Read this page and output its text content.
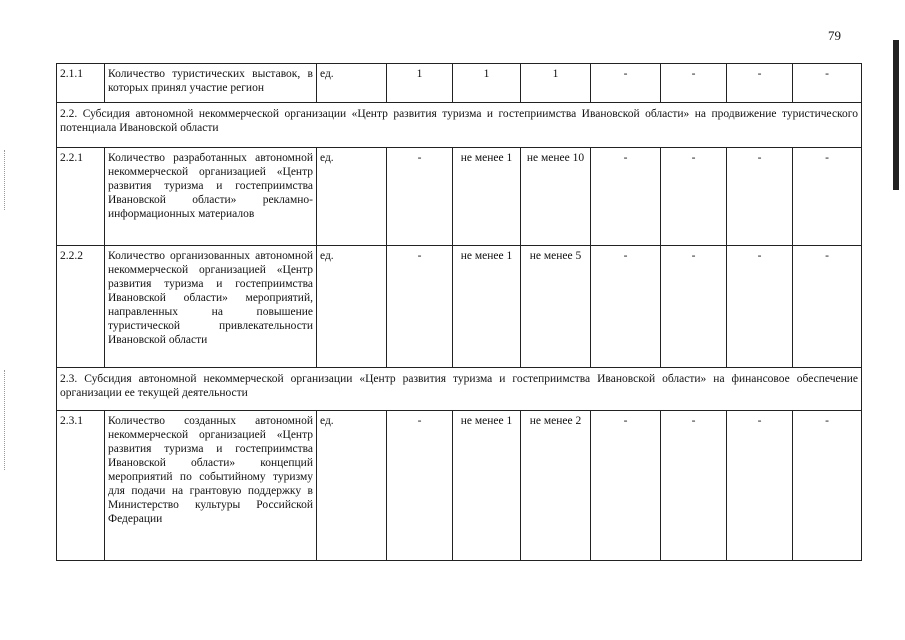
79
2.1.1	Количество туристических выставок, в которых принял участие регион	ед.	1	1	1	-	-	-	-
2.2. Субсидия автономной некоммерческой организации «Центр развития туризма и гостеприимства Ивановской области» на продвижение туристического потенциала Ивановской области									
2.2.1	Количество разработанных автономной некоммерческой организацией «Центр развития туризма и гостеприимства Ивановской области» рекламно-информационных материалов	ед.	-	не менее 1	не менее 10	-	-	-	-
2.2.2	Количество организованных автономной некоммерческой организацией «Центр развития туризма и гостеприимства Ивановской области» мероприятий, направленных на повышение туристической привлекательности Ивановской области	ед.	-	не менее 1	не менее 5	-	-	-	-
2.3. Субсидия автономной некоммерческой организации «Центр развития туризма и гостеприимства Ивановской области» на финансовое обеспечение организации ее текущей деятельности									
2.3.1	Количество созданных автономной некоммерческой организацией «Центр развития туризма и гостеприимства Ивановской области» концепций мероприятий по событийному туризму для подачи на грантовую поддержку в Министерство культуры Российской Федерации	ед.	-	не менее 1	не менее 2	-	-	-	-
